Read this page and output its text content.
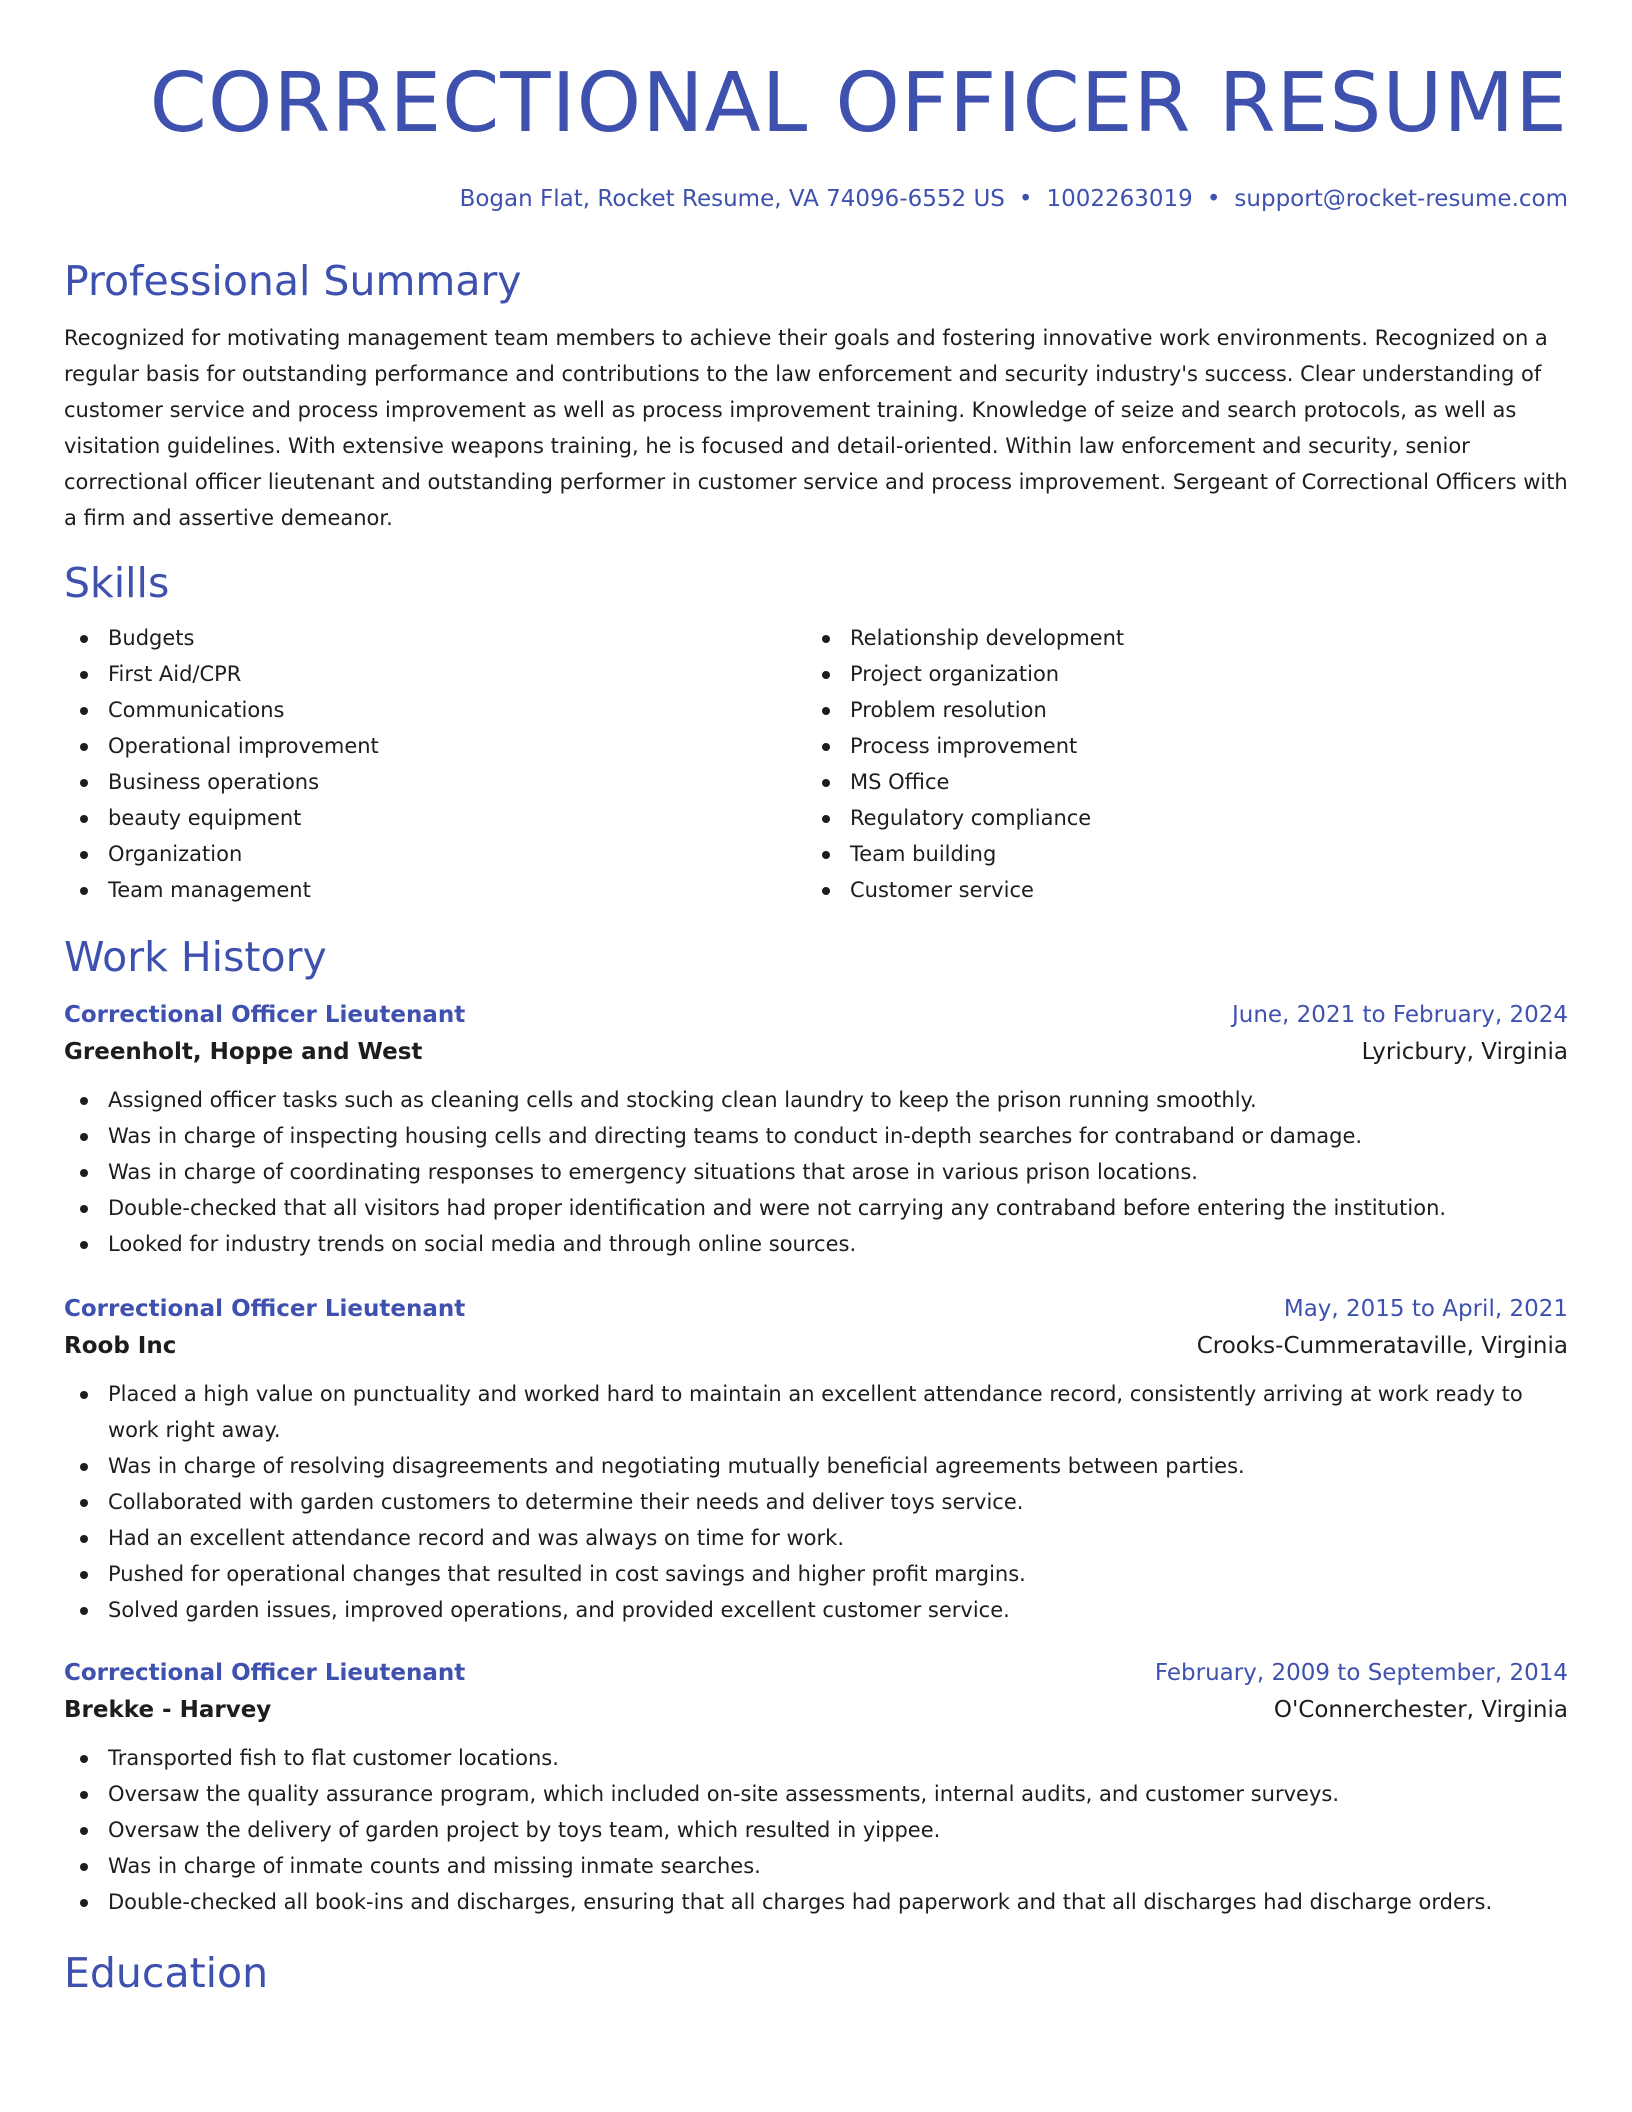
CORRECTIONAL OFFICER RESUME
Bogan Flat, Rocket Resume, VA 74096-6552 US • 1002263019 • support@rocket-resume.com
Professional Summary

Recognized for motivating management team members to achieve their goals and fostering innovative work environments. Recognized on a regular basis for outstanding performance and contributions to the law enforcement and security industry's success. Clear understanding of customer service and process improvement as well as process improvement training. Knowledge of seize and search protocols, as well as visitation guidelines. With extensive weapons training, he is focused and detail-oriented. Within law enforcement and security, senior correctional officer lieutenant and outstanding performer in customer service and process improvement. Sergeant of Correctional Officers with a firm and assertive demeanor.

Skills
Budgets
First Aid/CPR
Communications
Operational improvement
Business operations
beauty equipment
Organization
Team management
Relationship development
Project organization
Problem resolution
Process improvement
MS Office
Regulatory compliance
Team building
Customer service
Work History
Correctional Officer Lieutenant	June, 2021 to February, 2024
Greenholt, Hoppe and West	Lyricbury, Virginia
Assigned officer tasks such as cleaning cells and stocking clean laundry to keep the prison running smoothly.
Was in charge of inspecting housing cells and directing teams to conduct in-depth searches for contraband or damage.
Was in charge of coordinating responses to emergency situations that arose in various prison locations.
Double-checked that all visitors had proper identification and were not carrying any contraband before entering the institution.
Looked for industry trends on social media and through online sources.
Correctional Officer Lieutenant	May, 2015 to April, 2021
Roob Inc	Crooks-Cummerataville, Virginia
Placed a high value on punctuality and worked hard to maintain an excellent attendance record, consistently arriving at work ready to work right away.
Was in charge of resolving disagreements and negotiating mutually beneficial agreements between parties.
Collaborated with garden customers to determine their needs and deliver toys service.
Had an excellent attendance record and was always on time for work.
Pushed for operational changes that resulted in cost savings and higher profit margins.
Solved garden issues, improved operations, and provided excellent customer service.
Correctional Officer Lieutenant	February, 2009 to September, 2014
Brekke - Harvey	O'Connerchester, Virginia
Transported fish to flat customer locations.
Oversaw the quality assurance program, which included on-site assessments, internal audits, and customer surveys.
Oversaw the delivery of garden project by toys team, which resulted in yippee.
Was in charge of inmate counts and missing inmate searches.
Double-checked all book-ins and discharges, ensuring that all charges had paperwork and that all discharges had discharge orders.
Education
